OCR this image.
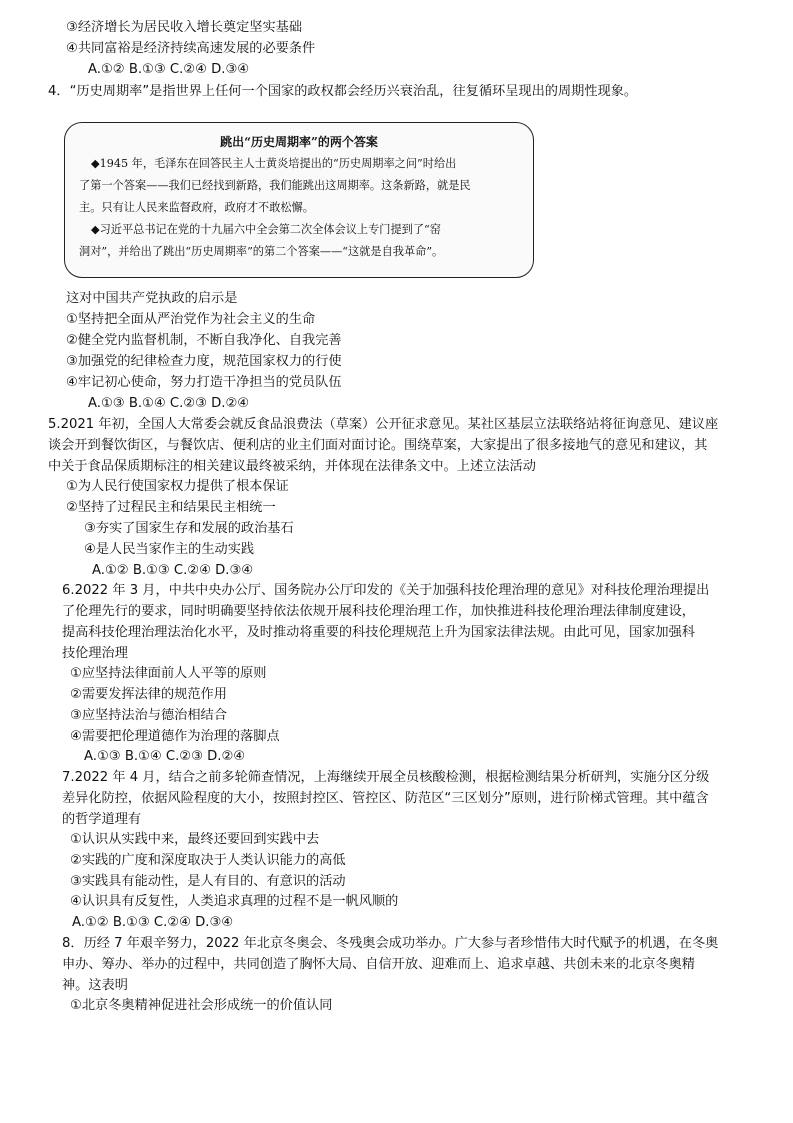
③经济增长为居民收入增长奠定坚实基础
④共同富裕是经济持续高速发展的必要条件
A.①② B.①③ C.②④ D.③④
4．“历史周期率”是指世界上任何一个国家的政权都会经历兴衰治乱，往复循环呈现出的周期性现象。
跳出“历史周期率”的两个答案
◆1945 年，毛泽东在回答民主人士黄炎培提出的“历史周期率之问”时给出
了第一个答案——我们已经找到新路，我们能跳出这周期率。这条新路，就是民
主。只有让人民来监督政府，政府才不敢松懈。
◆习近平总书记在党的十九届六中全会第二次全体会议上专门提到了“窑
洞对”，并给出了跳出“历史周期率”的第二个答案——“这就是自我革命”。
这对中国共产党执政的启示是
①坚持把全面从严治党作为社会主义的生命
②健全党内监督机制，不断自我净化、自我完善
③加强党的纪律检查力度，规范国家权力的行使
④牢记初心使命，努力打造干净担当的党员队伍
A.①③ B.①④ C.②③ D.②④
5.2021 年初，全国人大常委会就反食品浪费法（草案）公开征求意见。某社区基层立法联络站将征询意见、建议座
谈会开到餐饮街区，与餐饮店、便利店的业主们面对面讨论。围绕草案，大家提出了很多接地气的意见和建议，其
中关于食品保质期标注的相关建议最终被采纳，并体现在法律条文中。上述立法活动
①为人民行使国家权力提供了根本保证
②坚持了过程民主和结果民主相统一
③夯实了国家生存和发展的政治基石
④是人民当家作主的生动实践
A.①② B.①③ C.②④ D.③④
6.2022 年 3 月，中共中央办公厅、国务院办公厅印发的《关于加强科技伦理治理的意见》对科技伦理治理提出
了伦理先行的要求，同时明确要坚持依法依规开展科技伦理治理工作，加快推进科技伦理治理法律制度建设，
提高科技伦理治理法治化水平，及时推动将重要的科技伦理规范上升为国家法律法规。由此可见，国家加强科
技伦理治理
①应坚持法律面前人人平等的原则
②需要发挥法律的规范作用
③应坚持法治与德治相结合
④需要把伦理道德作为治理的落脚点
A.①③ B.①④ C.②③ D.②④
7.2022 年 4 月，结合之前多轮筛查情况，上海继续开展全员核酸检测，根据检测结果分析研判，实施分区分级
差异化防控，依据风险程度的大小，按照封控区、管控区、防范区“三区划分”原则，进行阶梯式管理。其中蕴含
的哲学道理有
①认识从实践中来，最终还要回到实践中去
②实践的广度和深度取决于人类认识能力的高低
③实践具有能动性，是人有目的、有意识的活动
④认识具有反复性，人类追求真理的过程不是一帆风顺的
A.①② B.①③ C.②④ D.③④
8．历经 7 年艰辛努力，2022 年北京冬奥会、冬残奥会成功举办。广大参与者珍惜伟大时代赋予的机遇，在冬奥
申办、筹办、举办的过程中，共同创造了胸怀大局、自信开放、迎难而上、追求卓越、共创未来的北京冬奥精
神。这表明
①北京冬奥精神促进社会形成统一的价值认同
